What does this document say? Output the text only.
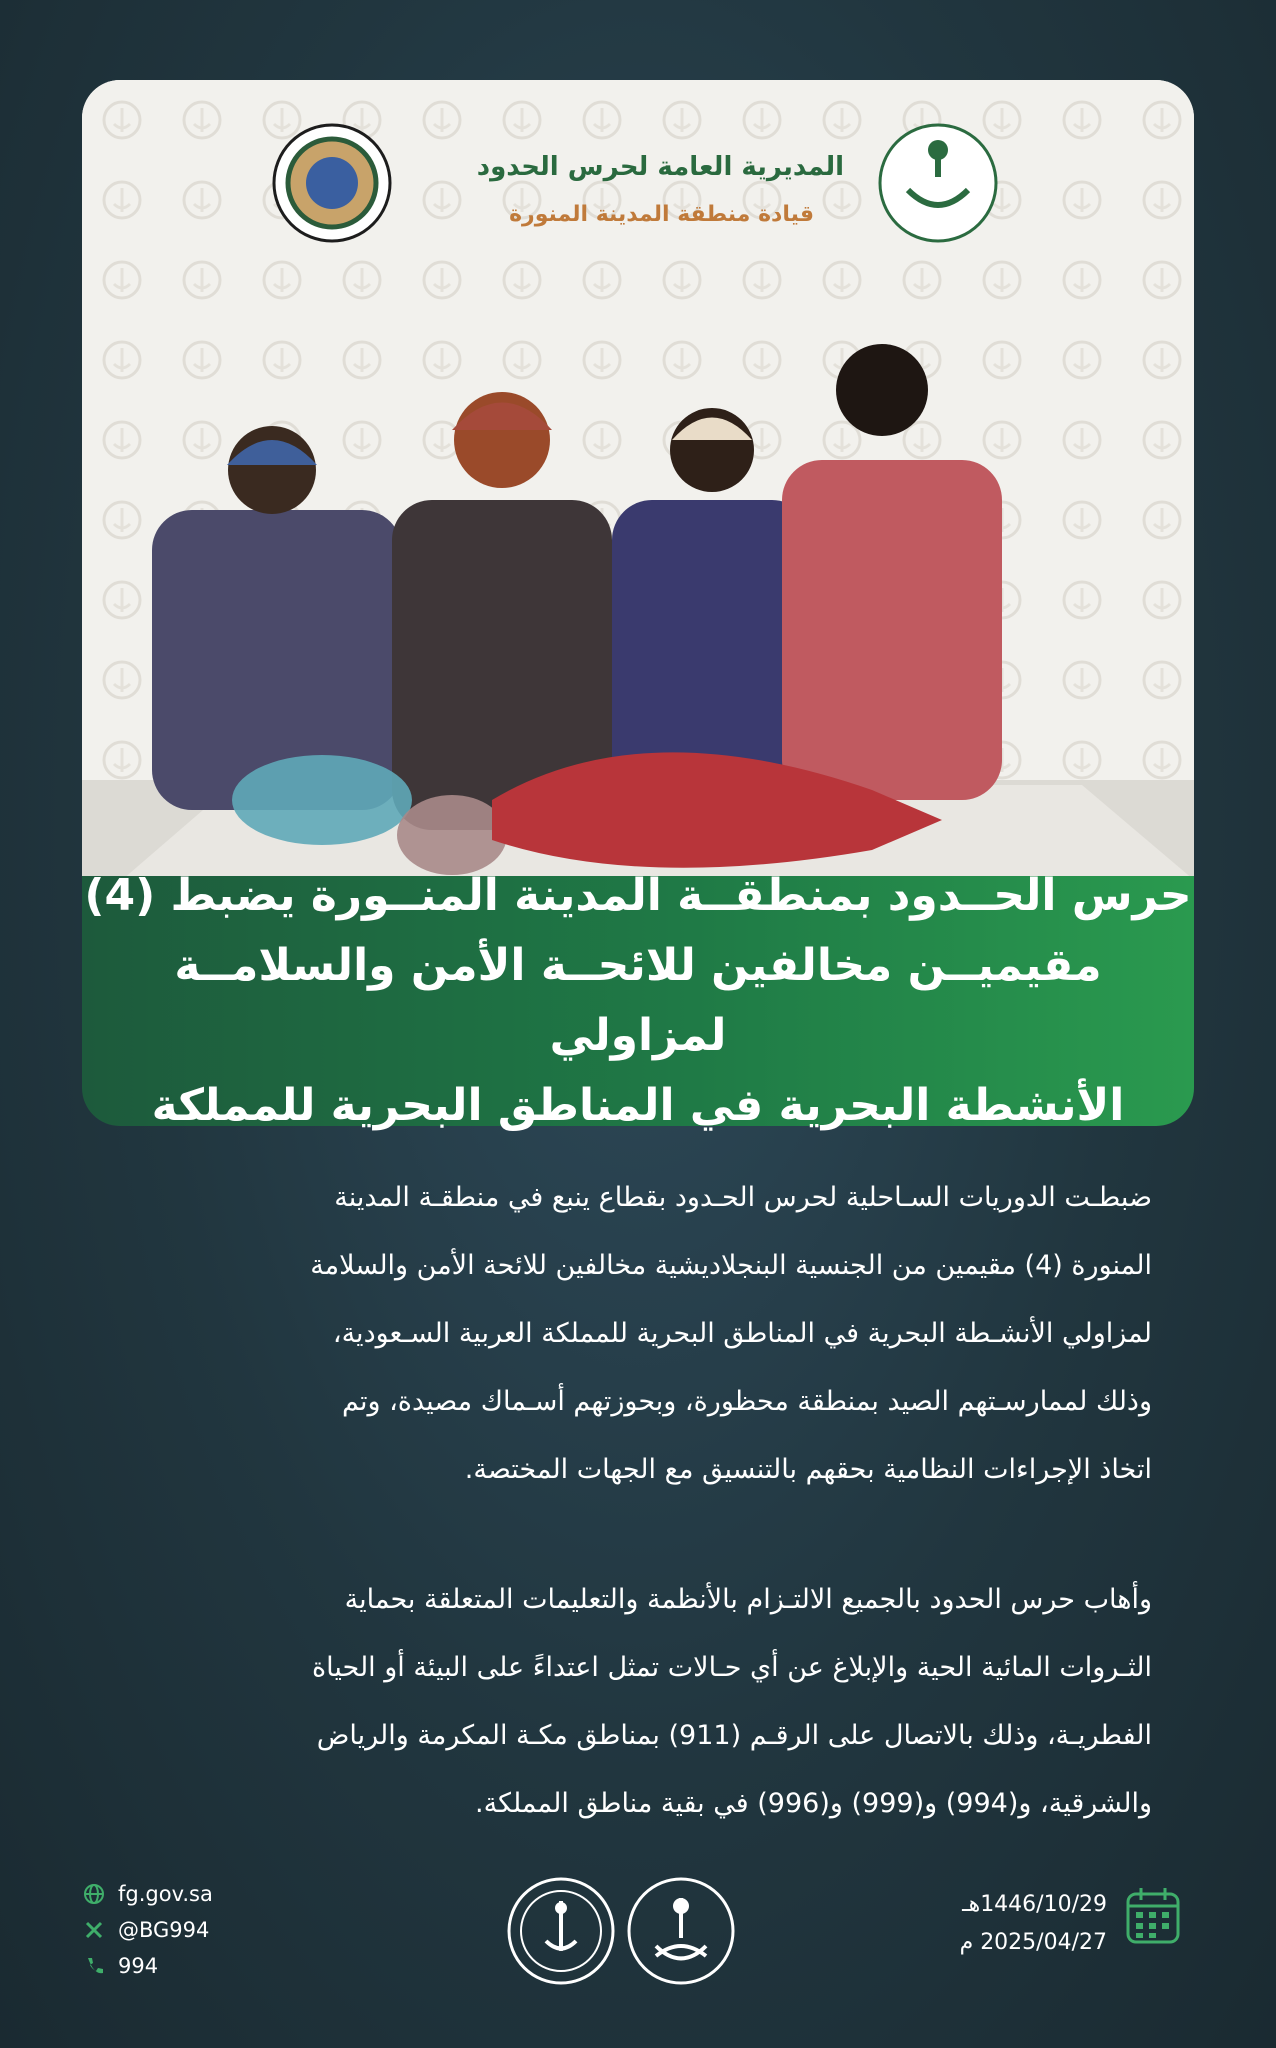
المديرية العامة لحرس الحدود
قيادة منطقة المدينة المنورة
حرس الحــدود بمنطقــة المدينة المنــورة يضبط (4)
مقيميــن مخالفين للائحــة الأمن والسلامــة لمزاولي
الأنشطة البحرية في المناطق البحرية للمملكة
ضبطـت الدوريات السـاحلية لحرس الحـدود بقطاع ينبع في منطقـة المدينة
المنورة (4) مقيمين من الجنسية البنجلاديشية مخالفين للائحة الأمن والسلامة
لمزاولي الأنشـطة البحرية في المناطق البحرية للمملكة العربية السـعودية،
وذلك لممارسـتهم الصيد بمنطقة محظورة، وبحوزتهم أسـماك مصيدة، وتم
اتخاذ الإجراءات النظامية بحقهم بالتنسيق مع الجهات المختصة.
وأهاب حرس الحدود بالجميع الالتـزام بالأنظمة والتعليمات المتعلقة بحماية
الثـروات المائية الحية والإبلاغ عن أي حـالات تمثل اعتداءً على البيئة أو الحياة
الفطريـة، وذلك بالاتصال على الرقـم (911) بمناطق مكـة المكرمة والرياض
والشرقية، و(994) و(999) و(996) في بقية مناطق المملكة.
fg.gov.sa
@BG994
994
1446/10/29هـ
2025/04/27 م
